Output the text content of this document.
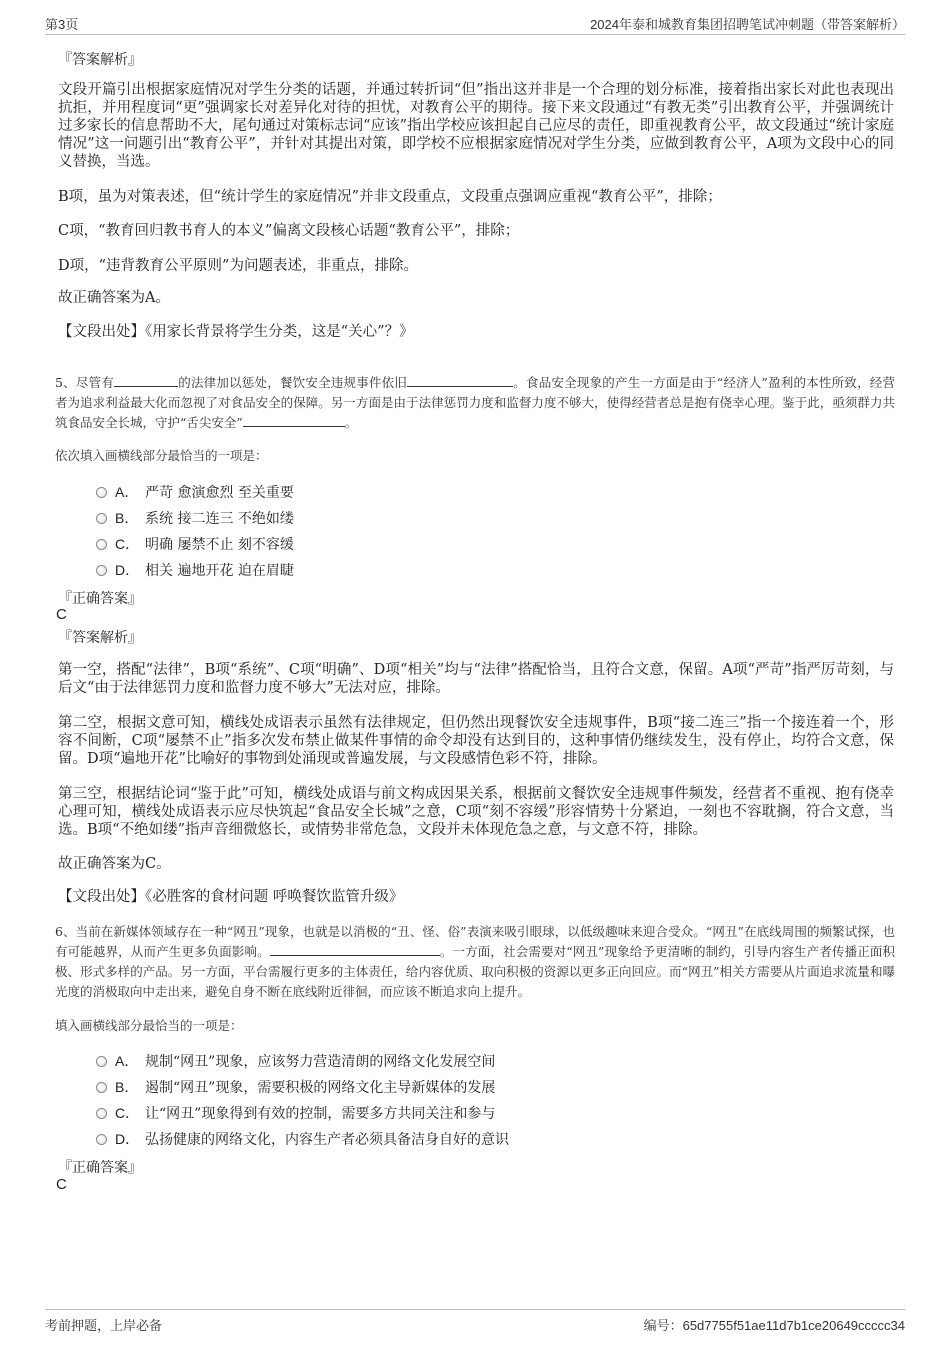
第3页	2024年泰和城教育集团招聘笔试冲刺题（带答案解析）
『答案解析』
文段开篇引出根据家庭情况对学生分类的话题，并通过转折词“但”指出这并非是一个合理的划分标准，接着指出家长对此也表现出抗拒，并用程度词“更”强调家长对差异化对待的担忧，对教育公平的期待。接下来文段通过“有教无类”引出教育公平，并强调统计过多家长的信息帮助不大，尾句通过对策标志词“应该”指出学校应该担起自己应尽的责任，即重视教育公平，故文段通过“统计家庭情况”这一问题引出“教育公平”，并针对其提出对策，即学校不应根据家庭情况对学生分类，应做到教育公平，A项为文段中心的同义替换，当选。
B项，虽为对策表述，但“统计学生的家庭情况”并非文段重点，文段重点强调应重视“教育公平”，排除；
C项，“教育回归教书育人的本义”偏离文段核心话题“教育公平”，排除；
D项，“违背教育公平原则”为问题表述，非重点，排除。
故正确答案为A。
【文段出处】《用家长背景将学生分类，这是“关心”？》
5、尽管有	的法律加以惩处，餐饮安全违规事件依旧	。食品安全现象的产生一方面是由于“经济人”盈利的本性所致，经营者为追求利益最大化而忽视了对食品安全的保障。另一方面是由于法律惩罚力度和监督力度不够大，使得经营者总是抱有侥幸心理。鉴于此，亟须群力共筑食品安全长城，守护“舌尖安全”	。
依次填入画横线部分最恰当的一项是：
A． 严苛 愈演愈烈 至关重要
B． 系统 接二连三 不绝如缕
C． 明确 屡禁不止 刻不容缓
D． 相关 遍地开花 迫在眉睫
『正确答案』
C
『答案解析』
第一空，搭配“法律”，B项“系统”、C项“明确”、D项“相关”均与“法律”搭配恰当，且符合文意，保留。A项“严苛”指严厉苛刻，与后文“由于法律惩罚力度和监督力度不够大”无法对应，排除。
第二空，根据文意可知，横线处成语表示虽然有法律规定，但仍然出现餐饮安全违规事件，B项“接二连三”指一个接连着一个，形容不间断，C项“屡禁不止”指多次发布禁止做某件事情的命令却没有达到目的，这种事情仍继续发生，没有停止，均符合文意，保留。D项“遍地开花”比喻好的事物到处涌现或普遍发展，与文段感情色彩不符，排除。
第三空，根据结论词“鉴于此”可知，横线处成语与前文构成因果关系，根据前文餐饮安全违规事件频发，经营者不重视、抱有侥幸心理可知，横线处成语表示应尽快筑起“食品安全长城”之意，C项“刻不容缓”形容情势十分紧迫，一刻也不容耽搁，符合文意，当选。B项“不绝如缕”指声音细微悠长，或情势非常危急，文段并未体现危急之意，与文意不符，排除。
故正确答案为C。
【文段出处】《必胜客的食材问题 呼唤餐饮监管升级》
6、当前在新媒体领域存在一种“网丑”现象，也就是以消极的“丑、怪、俗”表演来吸引眼球，以低级趣味来迎合受众。“网丑”在底线周围的频繁试探，也有可能越界，从而产生更多负面影响。	。一方面，社会需要对“网丑”现象给予更清晰的制约，引导内容生产者传播正面积极、形式多样的产品。另一方面，平台需履行更多的主体责任，给内容优质、取向积极的资源以更多正向回应。而“网丑”相关方需要从片面追求流量和曝光度的消极取向中走出来，避免自身不断在底线附近徘徊，而应该不断追求向上提升。
填入画横线部分最恰当的一项是：
A． 规制“网丑”现象，应该努力营造清朗的网络文化发展空间
B． 遏制“网丑”现象，需要积极的网络文化主导新媒体的发展
C． 让“网丑”现象得到有效的控制，需要多方共同关注和参与
D． 弘扬健康的网络文化，内容生产者必须具备洁身自好的意识
『正确答案』
C
考前押题，上岸必备	编号：65d7755f51ae11d7b1ce20649ccccc34
